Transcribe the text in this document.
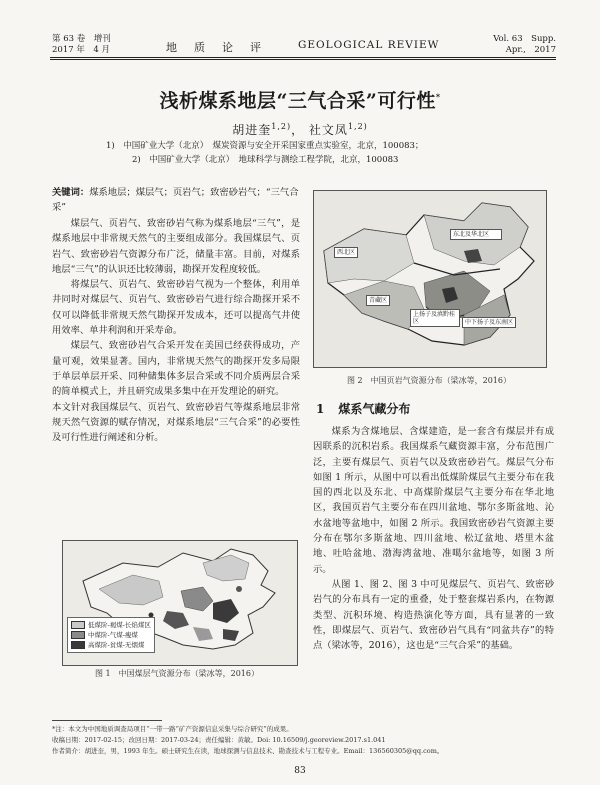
第 63 卷　增刊
2017 年　4 月	地　质　论　评	GEOLOGICAL REVIEW	Vol. 63　Supp.
Apr.,　2017
浅析煤系地层“三气合采”可行性*
胡进奎$^{1,2)}$， 社文凤$^{1,2)}$
1)　中国矿业大学（北京）　煤炭资源与安全开采国家重点实验室，北京，100083；
2)　中国矿业大学（北京）　地球科学与测绘工程学院，北京，100083
关键词：煤系地层；煤层气；页岩气；致密砂岩气；“三气合采”

煤层气、页岩气、致密砂岩气称为煤系地层“三气”，是煤系地层中非常规天然气的主要组成部分。我国煤层气、页岩气、致密砂岩气资源分布广泛，储量丰富。目前，对煤系地层“三气”的认识还比较薄弱，勘探开发程度较低。

将煤层气、页岩气、致密砂岩气视为一个整体，利用单井同时对煤层气、页岩气、致密砂岩气进行综合勘探开采不仅可以降低非常规天然气勘探开发成本，还可以提高气井使用效率、单井利润和开采寿命。

煤层气、致密砂岩气合采开发在美国已经获得成功，产量可观，效果显著。国内，非常规天然气的勘探开发多局限于单层单层开采、同种储集体多层合采或不同介质两层合采的简单模式上，并且研究成果多集中在开发理论的研究。

本文针对我国煤层气、页岩气、致密砂岩气等煤系地层非常规天然气资源的赋存情况，对煤系地层“三气合采”的必要性及可行性进行阐述和分析。

低煤阶-褐煤-长焰煤区
中煤阶-气煤-瘦煤
高煤阶-贫煤-无烟煤
图 1　中国煤层气资源分布（梁冰等，2016）
西北区
东北及华北区
青藏区
上扬子及滇黔桂区	中下扬子及东南区
图 2　中国页岩气资源分布（梁冰等，2016）
1 煤系气藏分布

煤系为含煤地层、含煤建造，是一套含有煤层并有成因联系的沉积岩系。我国煤系气藏资源丰富，分布范围广泛，主要有煤层气、页岩气以及致密砂岩气。煤层气分布如图 1 所示，从图中可以看出低煤阶煤层气主要分布在我国的西北以及东北、中高煤阶煤层气主要分布在华北地区，我国页岩气主要分布在四川盆地、鄂尔多斯盆地、沁水盆地等盆地中，如图 2 所示。我国致密砂岩气资源主要分布在鄂尔多斯盆地、四川盆地、松辽盆地、塔里木盆地、吐哈盆地、渤海湾盆地、准噶尔盆地等，如图 3 所示。

从图 1、图 2、图 3 中可见煤层气、页岩气、致密砂岩气的分布具有一定的重叠，处于整套煤岩系内，在物源类型、沉积环境、构造热演化等方面，具有显著的一致性，即煤层气、页岩气、致密砂岩气具有“同盆共存”的特点（梁冰等，2016），这也是“三气合采”的基础。

*注：本文为中国地质调查局项目“一带一路”矿产资源信息采集与综合研究”的成果。
收稿日期：2017-02-15；改回日期：2017-03-24；责任编辑：黄敏。Doi: 10.16509/j.georeview.2017.s1.041
作者简介：胡进奎，男，1993 年生。硕士研究生在读，地球探测与信息技术、勘查技术与工程专业。Email：136560305@qq.com。
83
